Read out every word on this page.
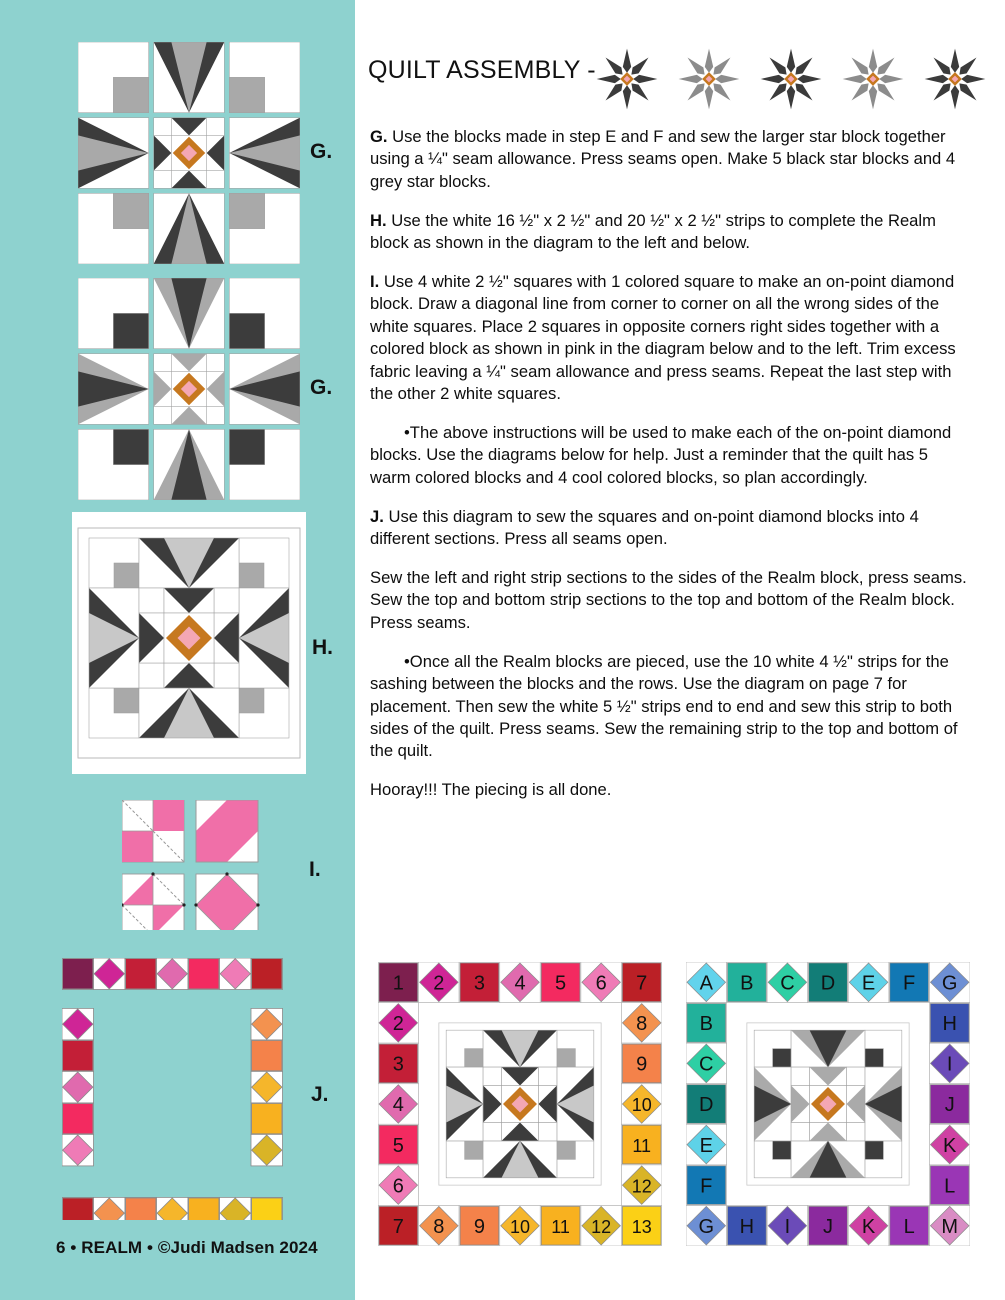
G.
G.
H.
I.
J.
6 • REALM • ©Judi Madsen 2024
QUILT ASSEMBLY -

G. Use the blocks made in step E and F and sew the larger star block together using a ¼" seam allowance. Press seams open. Make 5 black star blocks and 4 grey star blocks.

H. Use the white 16 ½" x 2 ½" and 20 ½" x 2 ½" strips to complete the Realm block as shown in the diagram to the left and below.

I. Use 4 white 2 ½" squares with 1 colored square to make an on-point diamond block. Draw a diagonal line from corner to corner on all the wrong sides of the white squares. Place 2 squares in opposite corners right sides together with a colored block as shown in pink in the diagram below and to the left. Trim excess fabric leaving a ¼" seam allowance and press seams. Repeat the last step with the other 2 white squares.

•The above instructions will be used to make each of the on-point diamond blocks. Use the diagrams below for help. Just a reminder that the quilt has 5 warm colored blocks and 4 cool colored blocks, so plan accordingly.

J. Use this diagram to sew the squares and on-point diamond blocks into 4 different sections. Press all seams open.

Sew the left and right strip sections to the sides of the Realm block, press seams. Sew the top and bottom strip sections to the top and bottom of the Realm block. Press seams.

•Once all the Realm blocks are pieced, use the 10 white 4 ½" strips for the sashing between the blocks and the rows. Use the diagram on page 7 for placement. Then sew the white 5 ½" strips end to end and sew this strip to both sides of the quilt. Press seams. Sew the remaining strip to the top and bottom of the quilt.

Hooray!!! The piecing is all done.

1 2 3 4 5 6 7
7 8 9 10 11 12 13
2
3
4
5
6
8
9
10
11
12
A B C D E F G
G H I J K L M
B
C
D
E
F
H
I
J
K
L
